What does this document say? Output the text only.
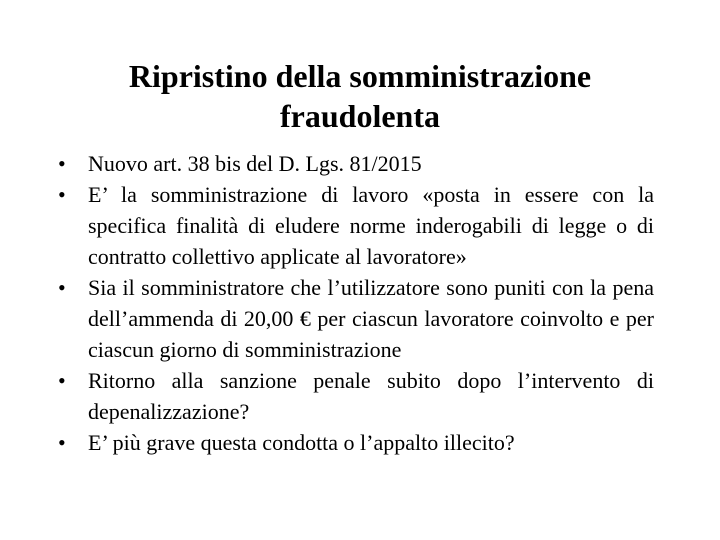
Ripristino della somministrazione
fraudolenta
•	Nuovo art. 38 bis del D. Lgs. 81/2015
•	E’ la somministrazione di lavoro «posta in essere con la specifica finalità di eludere norme inderogabili di legge o di contratto collettivo applicate al lavoratore»
•	Sia il somministratore che l’utilizzatore sono puniti con la pena dell’ammenda di 20,00 € per ciascun lavoratore coinvolto e per ciascun giorno di somministrazione
•	Ritorno alla sanzione penale subito dopo l’intervento di depenalizzazione?
•	E’ più grave questa condotta o l’appalto illecito?
